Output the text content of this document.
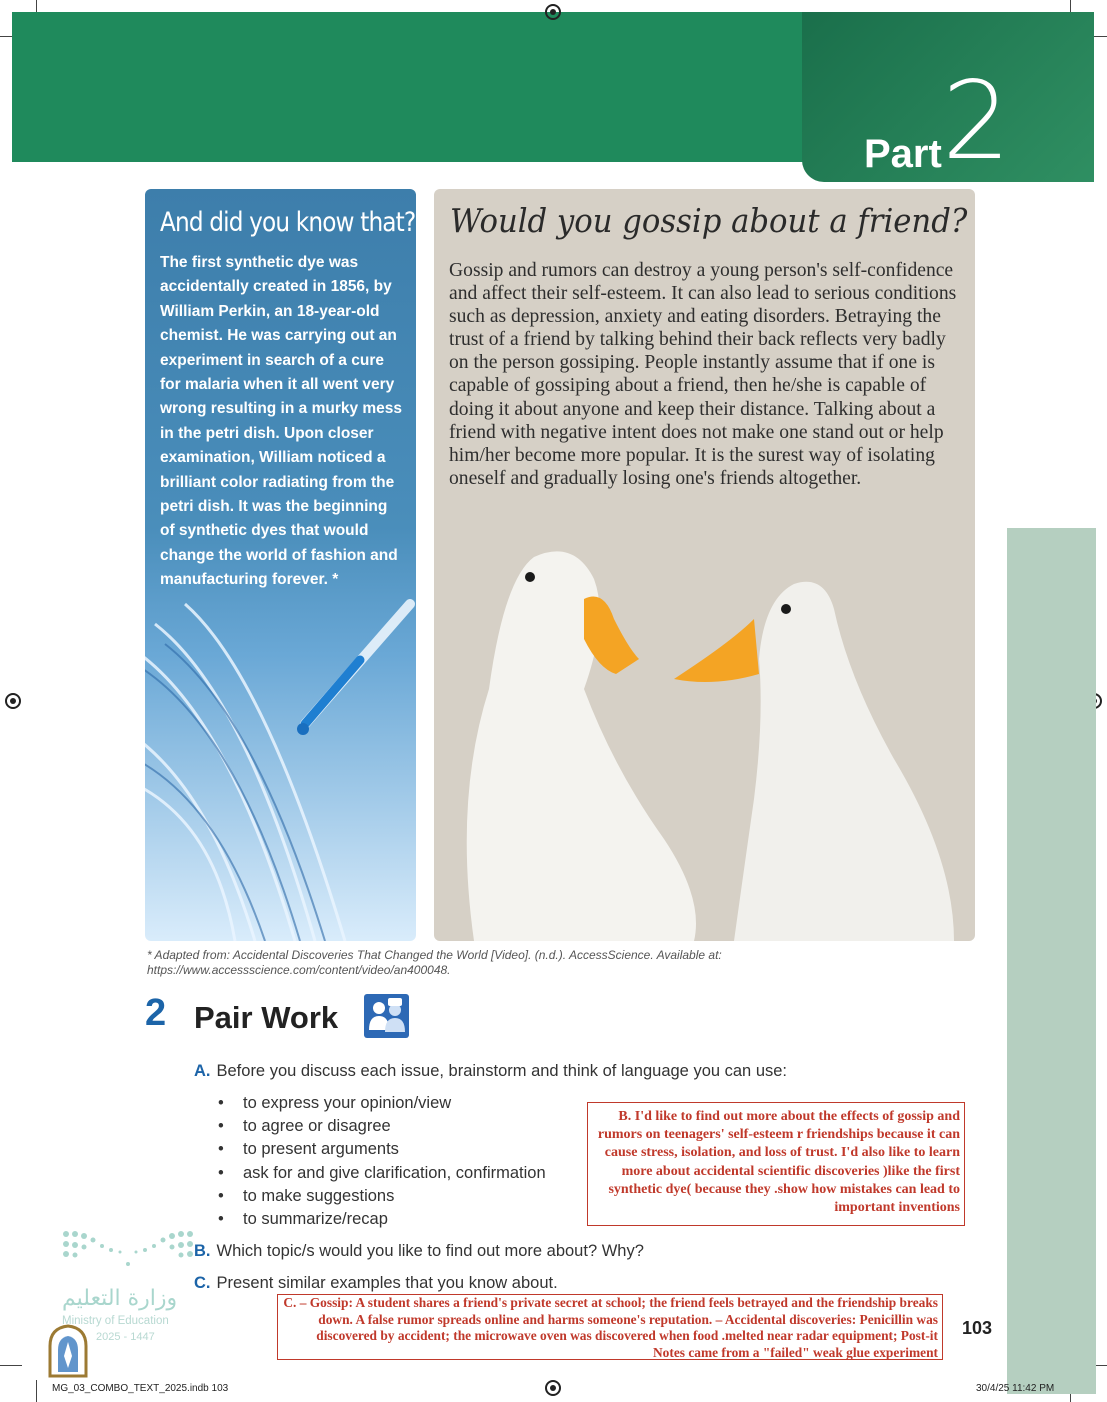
Part 2
And did you know that?
The first synthetic dye was accidentally created in 1856, by William Perkin, an 18-year-old chemist. He was carrying out an experiment in search of a cure for malaria when it all went very wrong resulting in a murky mess in the petri dish. Upon closer examination, William noticed a brilliant color radiating from the petri dish. It was the beginning of synthetic dyes that would change the world of fashion and manufacturing forever. *
Would you gossip about a friend?
Gossip and rumors can destroy a young person's self-confidence and affect their self-esteem. It can also lead to serious conditions such as depression, anxiety and eating disorders. Betraying the trust of a friend by talking behind their back reflects very badly on the person gossiping. People instantly assume that if one is capable of gossiping about a friend, then he/she is capable of doing it about anyone and keep their distance. Talking about a friend with negative intent does not make one stand out or help him/her become more popular. It is the surest way of isolating oneself and gradually losing one's friends altogether.
* Adapted from: Accidental Discoveries That Changed the World [Video]. (n.d.). AccessScience. Available at: https://www.accessscience.com/content/video/an400048.
2 Pair Work
A. Before you discuss each issue, brainstorm and think of language you can use:
• to express your opinion/view
• to agree or disagree
• to present arguments
• ask for and give clarification, confirmation
• to make suggestions
• to summarize/recap
B. I'd like to find out more about the effects of gossip and rumors on teenagers' self-esteem r friendships because it can cause stress, isolation, and loss of trust. I'd also like to learn more about accidental scientific discoveries )like the first synthetic dye( because they .show how mistakes can lead to important inventions
B. Which topic/s would you like to find out more about? Why?
C. Present similar examples that you know about.
C. – Gossip: A student shares a friend's private secret at school; the friend feels betrayed and the friendship breaks down. A false rumor spreads online and harms someone's reputation. – Accidental discoveries: Penicillin was discovered by accident; the microwave oven was discovered when food .melted near radar equipment; Post-it Notes came from a "failed" weak glue experiment
103
وزارة التعليم
Ministry of Education
2025 - 1447
MG_03_COMBO_TEXT_2025.indb 103	30/4/25 11:42 PM
